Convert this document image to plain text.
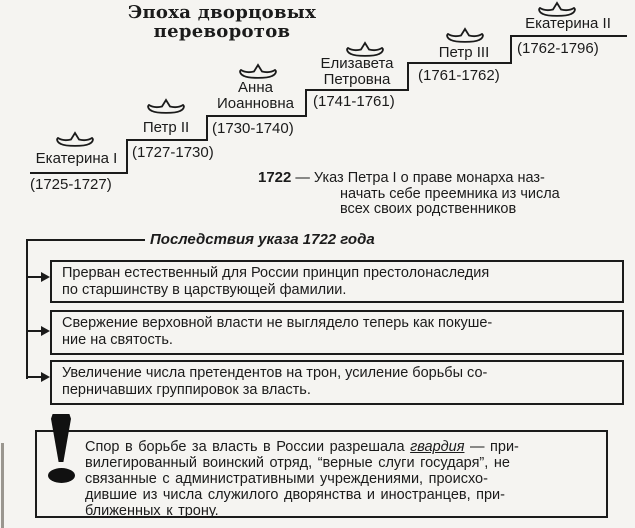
Эпоха дворцовых переворотов
Екатерина I
Петр II
Анна Иоанновна
Елизавета Петровна
Петр III
Екатерина II
(1725-1727)
(1727-1730)
(1730-1740)
(1741-1761)
(1761-1762)
(1762-1796)
1722 — Указ Петра I о праве монарха наз-
начать себе преемника из числа
всех своих родственников
Последствия указа 1722 года
Прерван естественный для России принцип престолонаследия
по старшинству в царствующей фамилии.
Свержение верховной власти не выглядело теперь как покуше-
ние на святость.
Увеличение числа претендентов на трон, усиление борьбы со-
перничавших группировок за власть.
Спор в борьбе за власть в России разрешала гвардия — при-
вилегированный воинский отряд, “верные слуги государя”, не
связанные с административными учреждениями, происхо-
дившие из числа служилого дворянства и иностранцев, при-
ближенных к трону.
